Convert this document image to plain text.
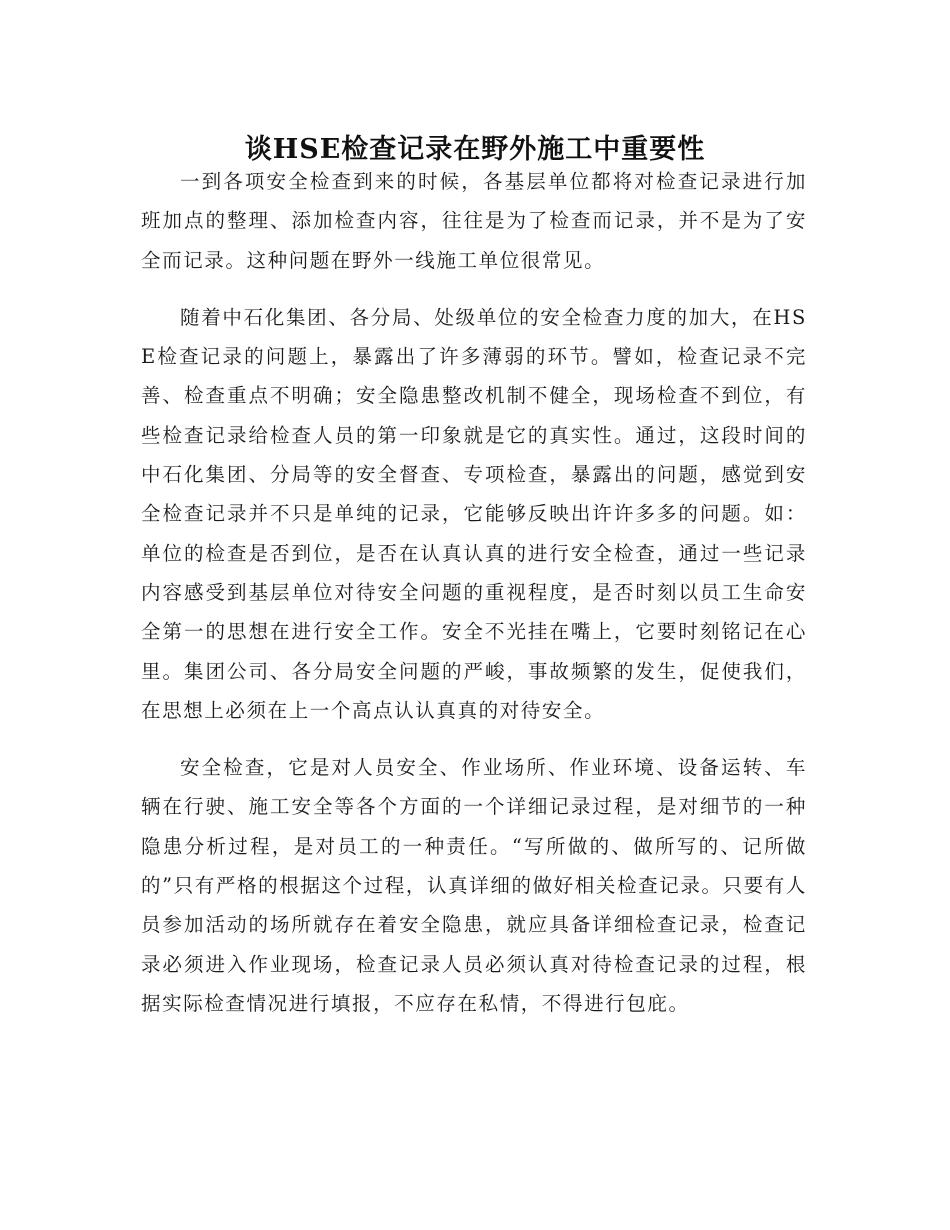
谈HSE检查记录在野外施工中重要性

一到各项安全检查到来的时候，各基层单位都将对检查记录进行加班加点的整理、添加检查内容，往往是为了检查而记录，并不是为了安全而记录。这种问题在野外一线施工单位很常见。

随着中石化集团、各分局、处级单位的安全检查力度的加大，在HSE检查记录的问题上，暴露出了许多薄弱的环节。譬如，检查记录不完善、检查重点不明确；安全隐患整改机制不健全，现场检查不到位，有些检查记录给检查人员的第一印象就是它的真实性。通过，这段时间的中石化集团、分局等的安全督查、专项检查，暴露出的问题，感觉到安全检查记录并不只是单纯的记录，它能够反映出许许多多的问题。如：单位的检查是否到位，是否在认真认真的进行安全检查，通过一些记录内容感受到基层单位对待安全问题的重视程度，是否时刻以员工生命安全第一的思想在进行安全工作。安全不光挂在嘴上，它要时刻铭记在心里。集团公司、各分局安全问题的严峻，事故频繁的发生，促使我们，在思想上必须在上一个高点认认真真的对待安全。

安全检查，它是对人员安全、作业场所、作业环境、设备运转、车辆在行驶、施工安全等各个方面的一个详细记录过程，是对细节的一种隐患分析过程，是对员工的一种责任。“写所做的、做所写的、记所做的”只有严格的根据这个过程，认真详细的做好相关检查记录。只要有人员参加活动的场所就存在着安全隐患，就应具备详细检查记录，检查记录必须进入作业现场，检查记录人员必须认真对待检查记录的过程，根据实际检查情况进行填报，不应存在私情，不得进行包庇。
